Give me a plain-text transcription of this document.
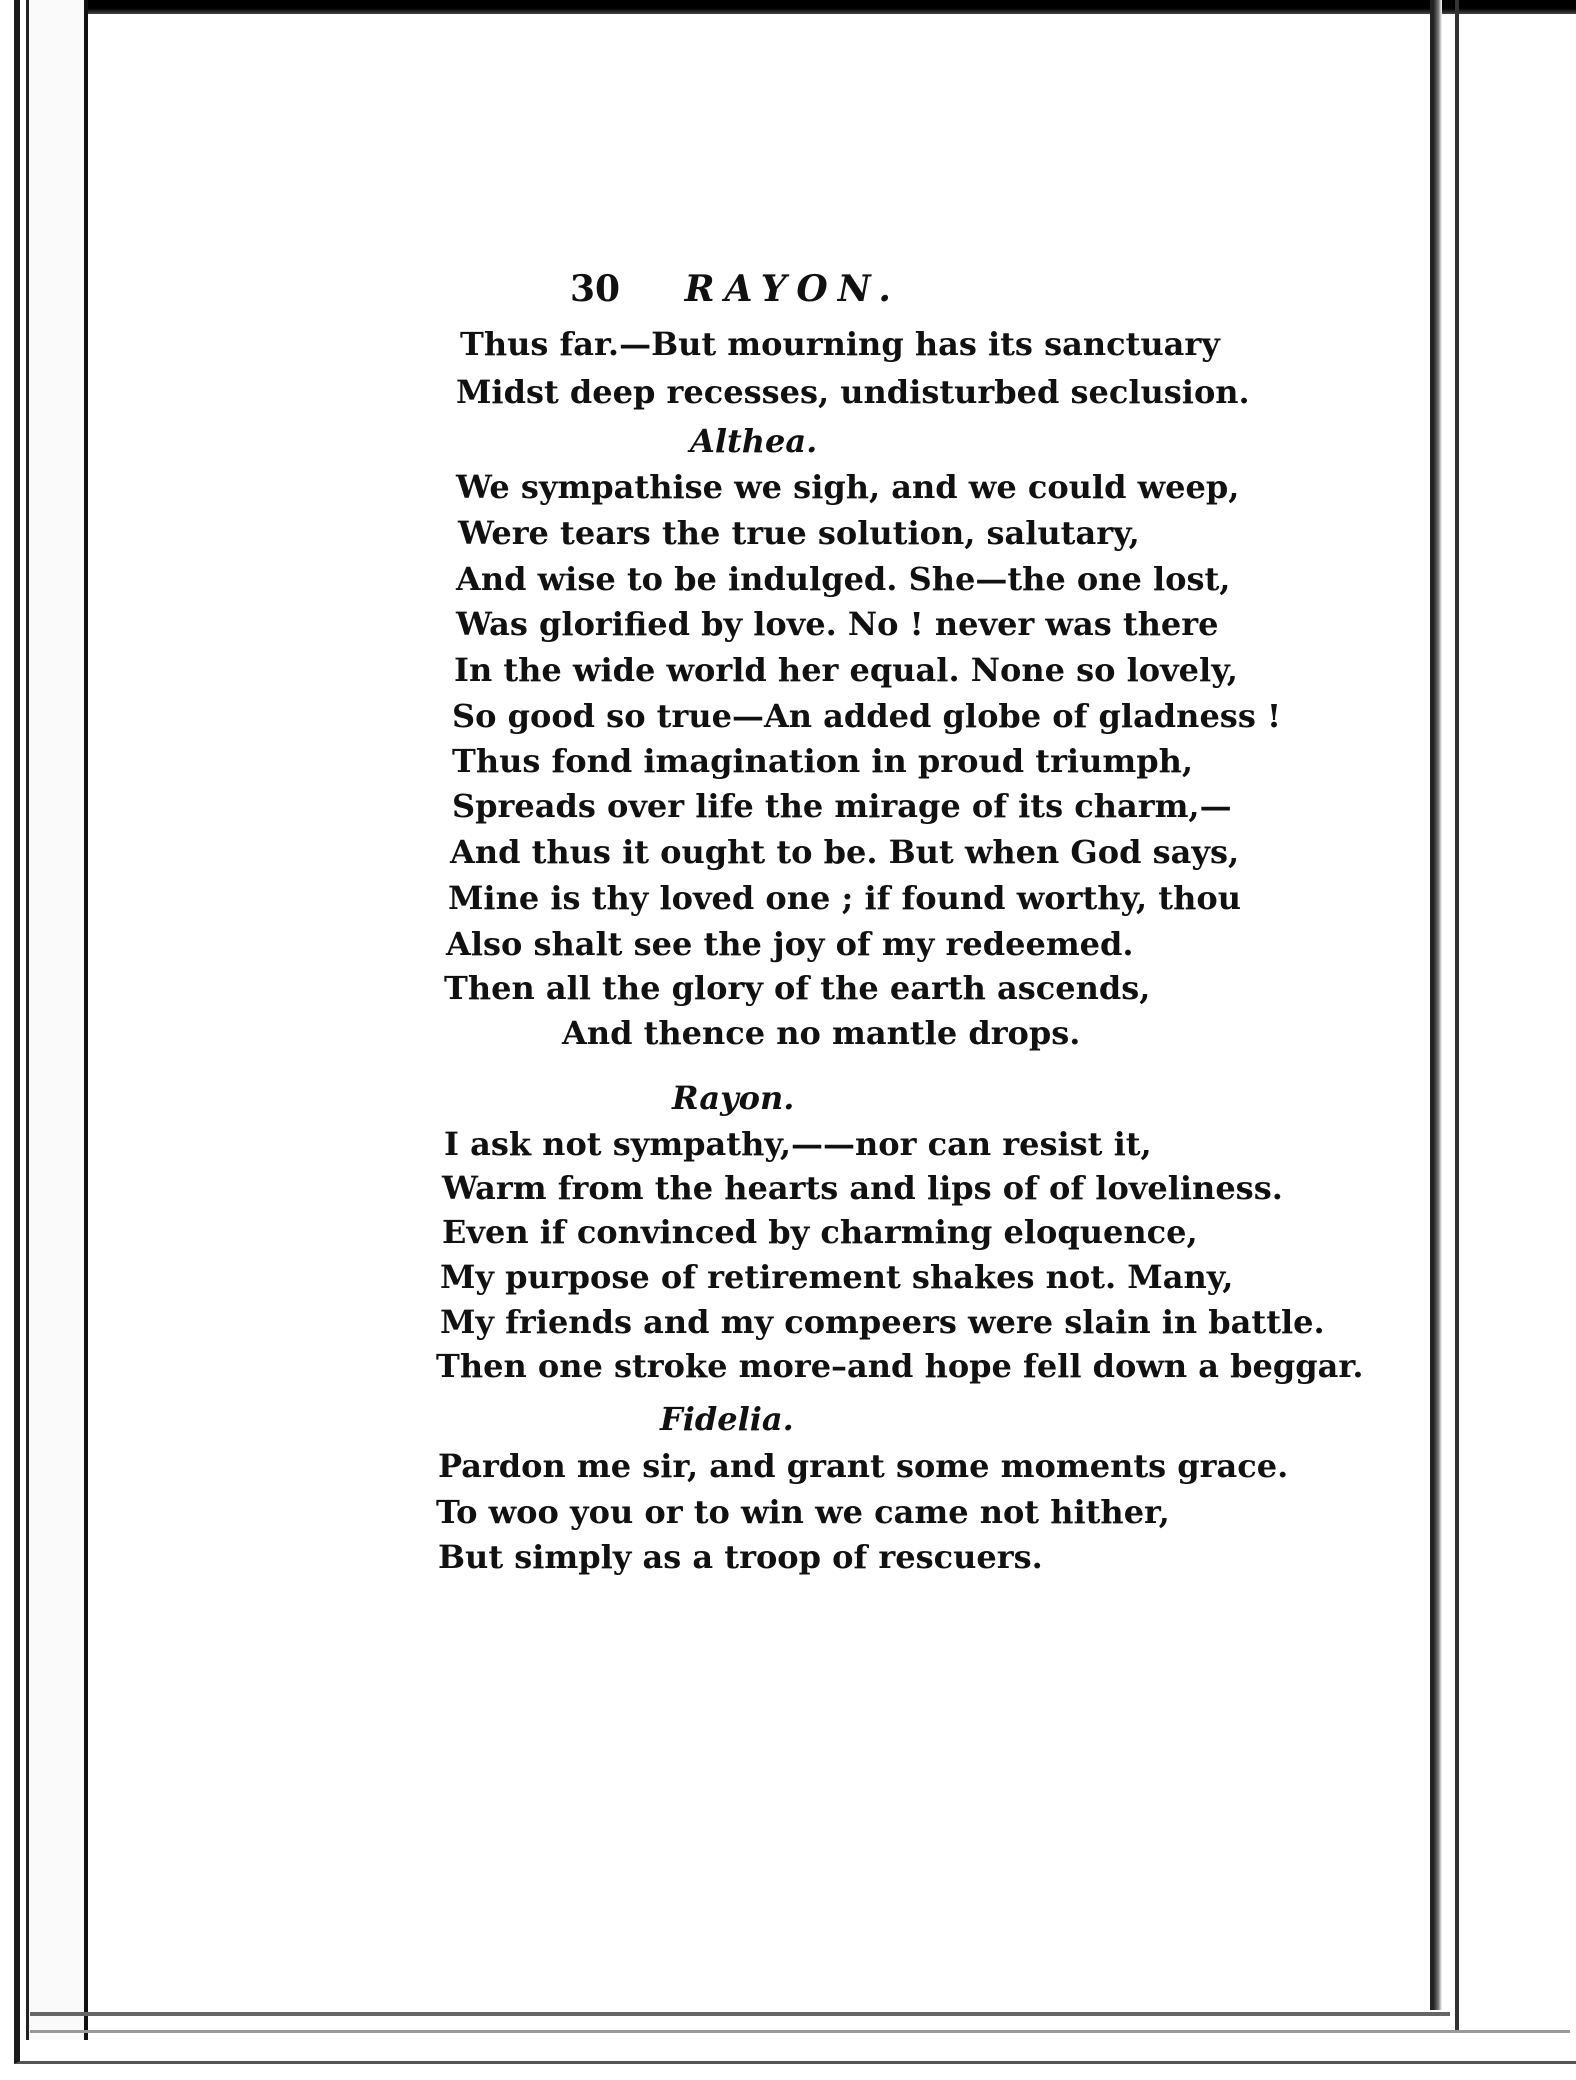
30 RAYON.
Thus far.—But mourning has its sanctuary
Midst deep recesses, undisturbed seclusion.
Althea.
We sympathise we sigh, and we could weep,
Were tears the true solution, salutary,
And wise to be indulged. She—the one lost,
Was glorified by love. No ! never was there
In the wide world her equal. None so lovely,
So good so true—An added globe of gladness !
Thus fond imagination in proud triumph,
Spreads over life the mirage of its charm,—
And thus it ought to be. But when God says,
Mine is thy loved one ; if found worthy, thou
Also shalt see the joy of my redeemed.
Then all the glory of the earth ascends,
And thence no mantle drops.
Rayon.
I ask not sympathy,——nor can resist it,
Warm from the hearts and lips of of loveliness.
Even if convinced by charming eloquence,
My purpose of retirement shakes not. Many,
My friends and my compeers were slain in battle.
Then one stroke more–and hope fell down a beggar.
Fidelia.
Pardon me sir, and grant some moments grace.
To woo you or to win we came not hither,
But simply as a troop of rescuers.
